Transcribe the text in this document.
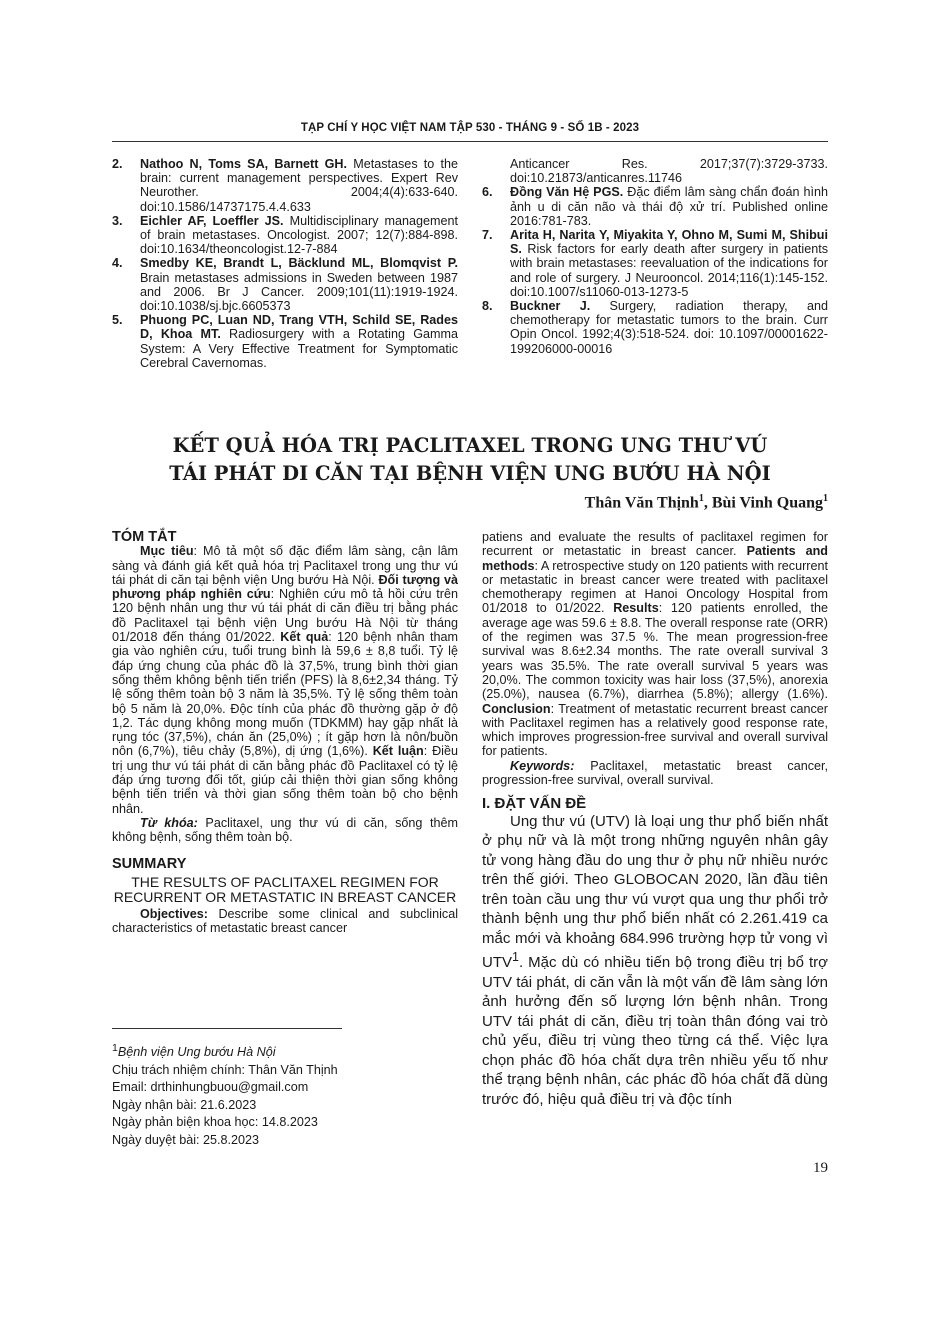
TẠP CHÍ Y HỌC VIỆT NAM TẬP 530 - THÁNG 9 - SỐ 1B - 2023
2.	Nathoo N, Toms SA, Barnett GH. Metastases to the brain: current management perspectives. Expert Rev Neurother. 2004;4(4):633-640. doi:10.1586/14737175.4.4.633
3.	Eichler AF, Loeffler JS. Multidisciplinary management of brain metastases. Oncologist. 2007; 12(7):884-898. doi:10.1634/theoncologist.12-7-884
4.	Smedby KE, Brandt L, Bäcklund ML, Blomqvist P. Brain metastases admissions in Sweden between 1987 and 2006. Br J Cancer. 2009;101(11):1919-1924. doi:10.1038/sj.bjc.6605373
5.	Phuong PC, Luan ND, Trang VTH, Schild SE, Rades D, Khoa MT. Radiosurgery with a Rotating Gamma System: A Very Effective Treatment for Symptomatic Cerebral Cavernomas.
Anticancer Res. 2017;37(7):3729-3733. doi:10.21873/anticanres.11746
6.	Đồng Văn Hệ PGS. Đặc điểm lâm sàng chẩn đoán hình ảnh u di căn não và thái độ xử trí. Published online 2016:781-783.
7.	Arita H, Narita Y, Miyakita Y, Ohno M, Sumi M, Shibui S. Risk factors for early death after surgery in patients with brain metastases: reevaluation of the indications for and role of surgery. J Neurooncol. 2014;116(1):145-152. doi:10.1007/s11060-013-1273-5
8.	Buckner J. Surgery, radiation therapy, and chemotherapy for metastatic tumors to the brain. Curr Opin Oncol. 1992;4(3):518-524. doi: 10.1097/00001622-199206000-00016
KẾT QUẢ HÓA TRỊ PACLITAXEL TRONG UNG THƯ VÚ
TÁI PHÁT DI CĂN TẠI BỆNH VIỆN UNG BƯỚU HÀ NỘI
Thân Văn Thịnh$^1$, Bùi Vinh Quang$^1$
TÓM TẮT

Mục tiêu: Mô tả một số đặc điểm lâm sàng, cận lâm sàng và đánh giá kết quả hóa trị Paclitaxel trong ung thư vú tái phát di căn tại bệnh viện Ung bướu Hà Nội. Đối tượng và phương pháp nghiên cứu: Nghiên cứu mô tả hồi cứu trên 120 bệnh nhân ung thư vú tái phát di căn điều trị bằng phác đồ Paclitaxel tại bệnh viện Ung bướu Hà Nội từ tháng 01/2018 đến tháng 01/2022. Kết quả: 120 bệnh nhân tham gia vào nghiên cứu, tuổi trung bình là 59,6 ± 8,8 tuổi. Tỷ lệ đáp ứng chung của phác đồ là 37,5%, trung bình thời gian sống thêm không bệnh tiến triển (PFS) là 8,6±2,34 tháng. Tỷ lệ sống thêm toàn bộ 3 năm là 35,5%. Tỷ lệ sống thêm toàn bộ 5 năm là 20,0%. Độc tính của phác đồ thường gặp ở độ 1,2. Tác dụng không mong muốn (TDKMM) hay gặp nhất là rụng tóc (37,5%), chán ăn (25,0%) ; ít gặp hơn là nôn/buồn nôn (6,7%), tiêu chảy (5,8%), dị ứng (1,6%). Kết luận: Điều trị ung thư vú tái phát di căn bằng phác đồ Paclitaxel có tỷ lệ đáp ứng tương đối tốt, giúp cải thiện thời gian sống không bệnh tiến triển và thời gian sống thêm toàn bộ cho bệnh nhân.

Từ khóa: Paclitaxel, ung thư vú di căn, sống thêm không bệnh, sống thêm toàn bộ.

SUMMARY
THE RESULTS OF PACLITAXEL REGIMEN FOR RECURRENT OR METASTATIC IN BREAST CANCER

Objectives: Describe some clinical and subclinical characteristics of metastatic breast cancer

$^1$Bệnh viện Ung bướu Hà Nội
Chịu trách nhiệm chính: Thân Văn Thịnh
Email: drthinhungbuou@gmail.com
Ngày nhận bài: 21.6.2023
Ngày phản biện khoa học: 14.8.2023
Ngày duyệt bài: 25.8.2023

patiens and evaluate the results of paclitaxel regimen for recurrent or metastatic in breast cancer. Patients and methods: A retrospective study on 120 patients with recurrent or metastatic in breast cancer were treated with paclitaxel chemotherapy regimen at Hanoi Oncology Hospital from 01/2018 to 01/2022. Results: 120 patients enrolled, the average age was 59.6 ± 8.8. The overall response rate (ORR) of the regimen was 37.5 %. The mean progression-free survival was 8.6±2.34 months. The rate overall survival 3 years was 35.5%. The rate overall survival 5 years was 20,0%. The common toxicity was hair loss (37,5%), anorexia (25.0%), nausea (6.7%), diarrhea (5.8%); allergy (1.6%). Conclusion: Treatment of metastatic recurrent breast cancer with Paclitaxel regimen has a relatively good response rate, which improves progression-free survival and overall survival for patients.

Keywords: Paclitaxel, metastatic breast cancer, progression-free survival, overall survival.

I. ĐẶT VẤN ĐỀ

Ung thư vú (UTV) là loại ung thư phổ biến nhất ở phụ nữ và là một trong những nguyên nhân gây tử vong hàng đầu do ung thư ở phụ nữ nhiều nước trên thế giới. Theo GLOBOCAN 2020, lần đầu tiên trên toàn cầu ung thư vú vượt qua ung thư phổi trở thành bệnh ung thư phổ biến nhất có 2.261.419 ca mắc mới và khoảng 684.996 trường hợp tử vong vì UTV$^1$. Mặc dù có nhiều tiến bộ trong điều trị bổ trợ UTV tái phát, di căn vẫn là một vấn đề lâm sàng lớn ảnh hưởng đến số lượng lớn bệnh nhân. Trong UTV tái phát di căn, điều trị toàn thân đóng vai trò chủ yếu, điều trị vùng theo từng cá thể. Việc lựa chọn phác đồ hóa chất dựa trên nhiều yếu tố như thể trạng bệnh nhân, các phác đồ hóa chất đã dùng trước đó, hiệu quả điều trị và độc tính

19
